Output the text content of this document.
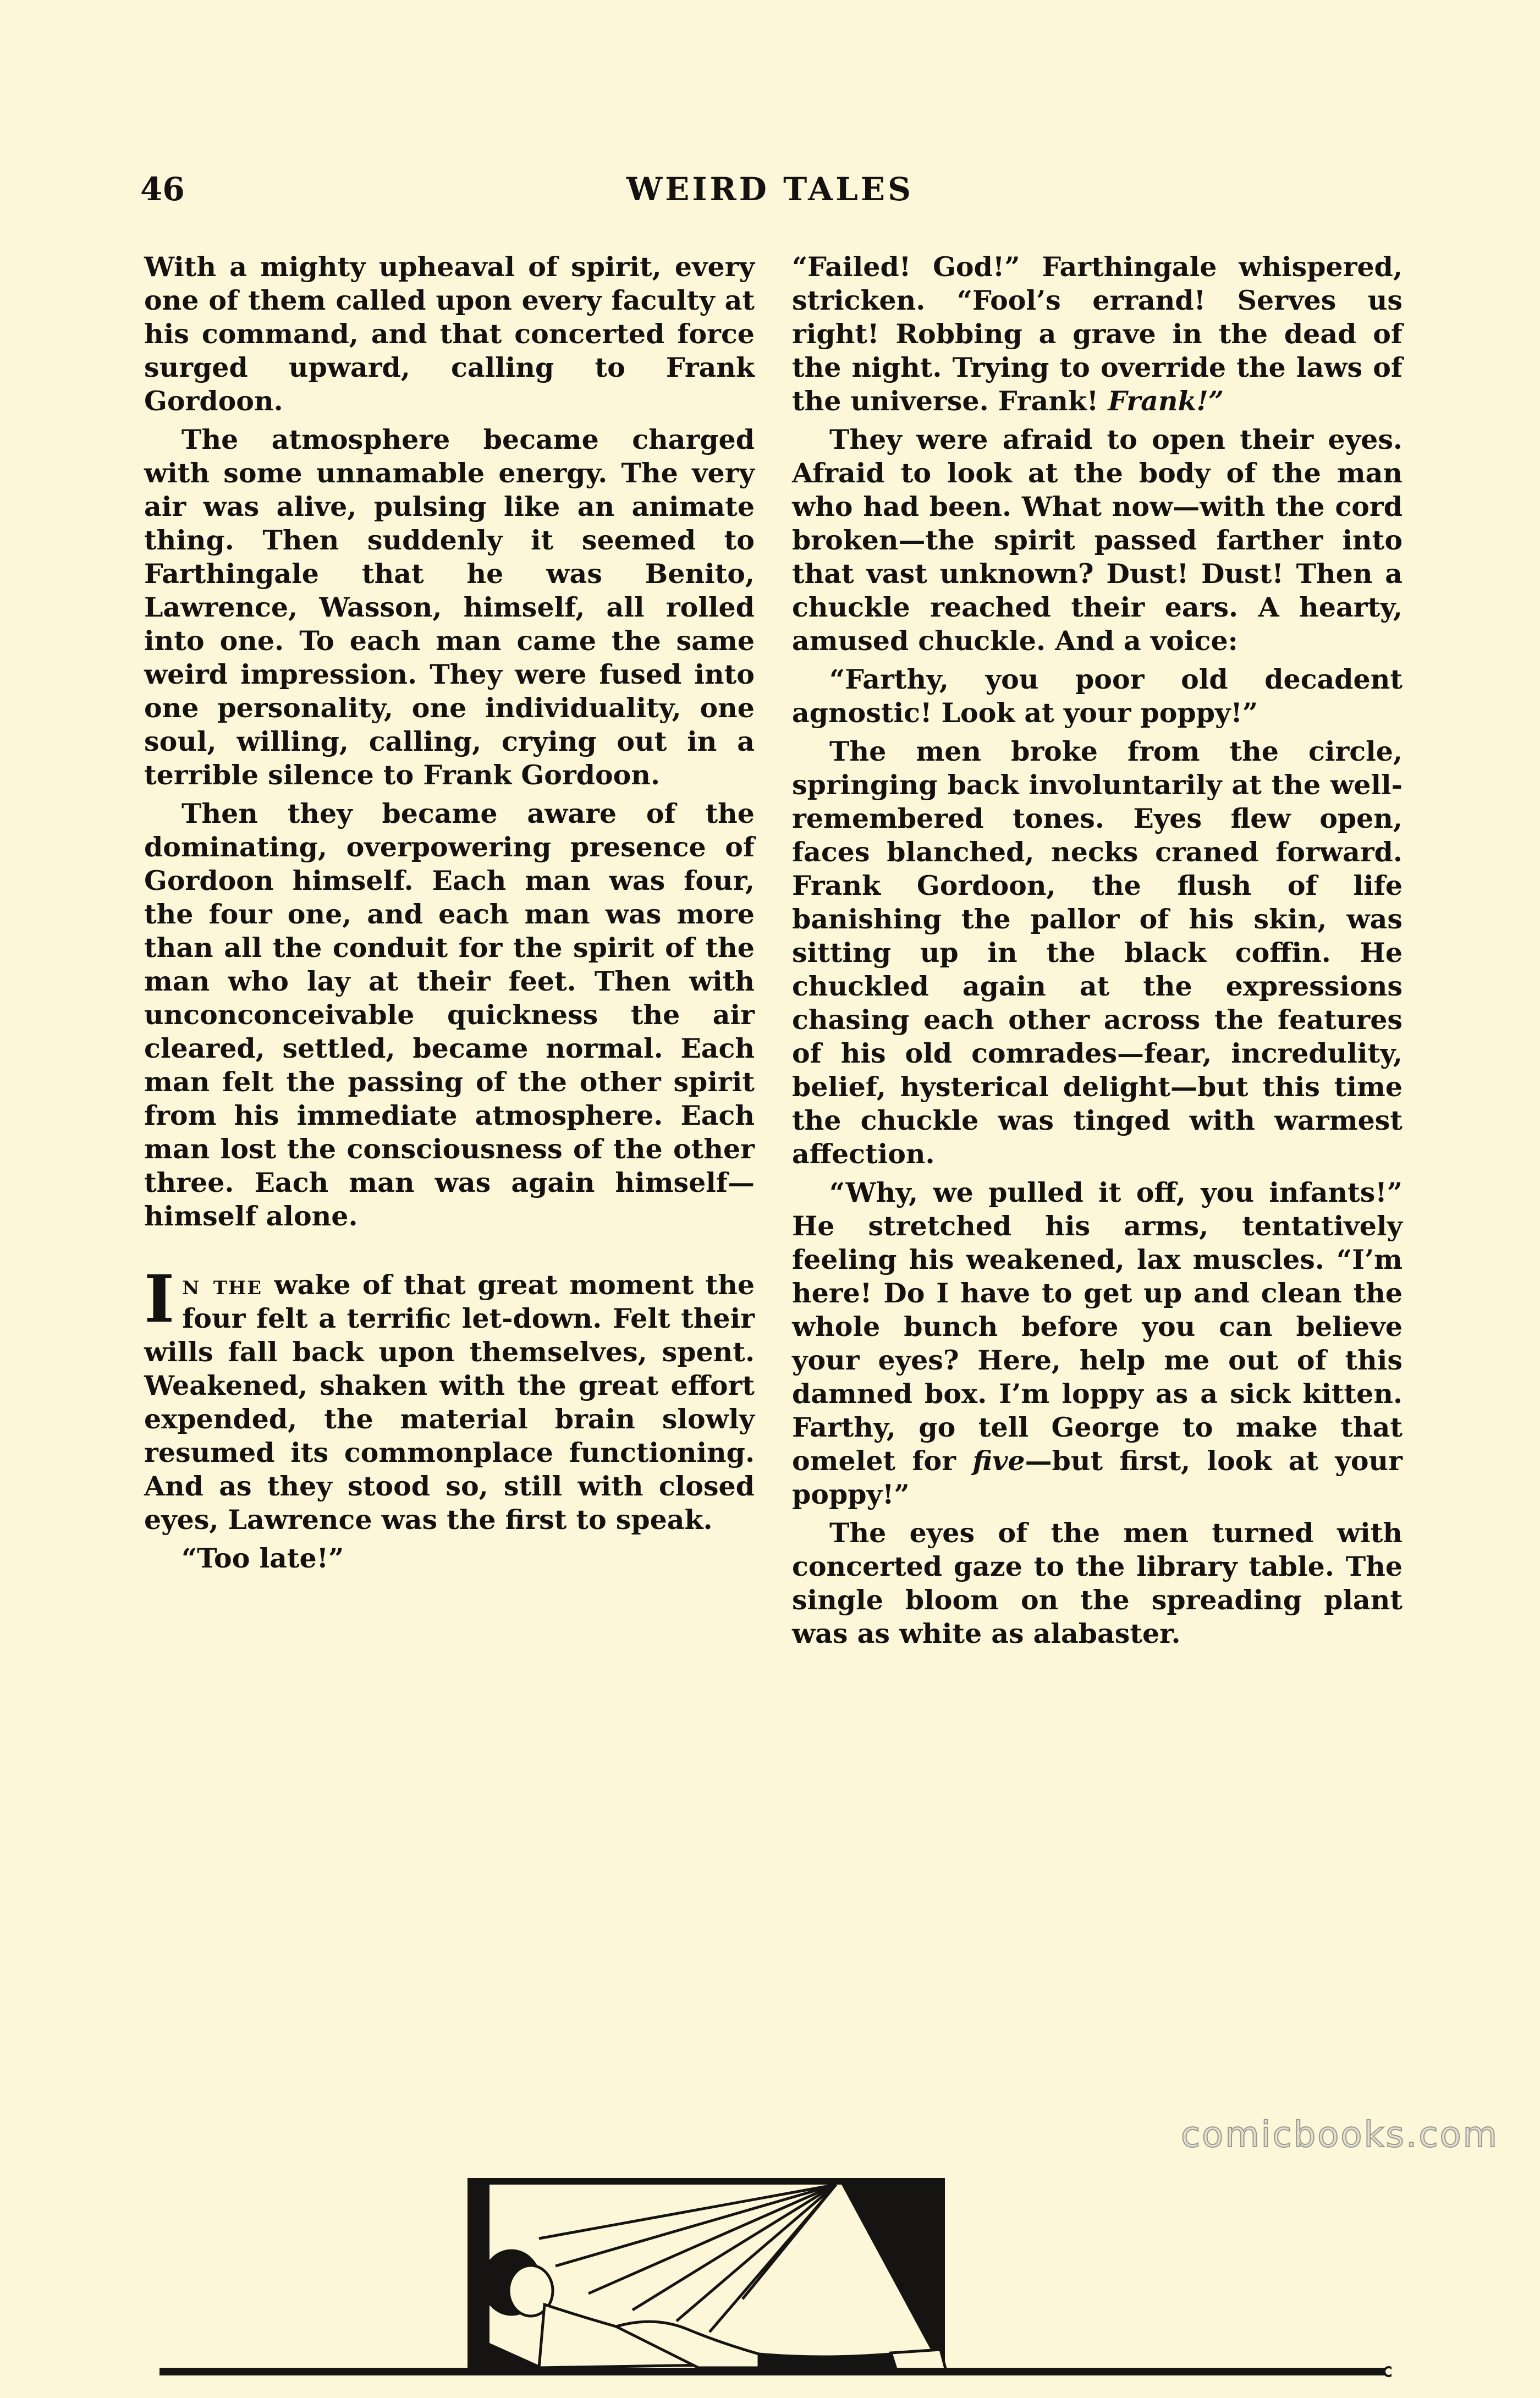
46	WEIRD TALES

With a mighty upheaval of spirit, every one of them called upon every faculty at his command, and that concerted force surged upward, calling to Frank Gordoon.

The atmosphere became charged with some unnamable energy. The very air was alive, pulsing like an animate thing. Then suddenly it seemed to Farthingale that he was Benito, Lawrence, Wasson, himself, all rolled into one. To each man came the same weird impression. They were fused into one personality, one individuality, one soul, willing, calling, crying out in a terrible silence to Frank Gordoon.

Then they became aware of the dominating, overpowering presence of Gordoon himself. Each man was four, the four one, and each man was more than all the conduit for the spirit of the man who lay at their feet. Then with unconconceivable quickness the air cleared, settled, became normal. Each man felt the passing of the other spirit from his immediate atmosphere. Each man lost the consciousness of the other three. Each man was again himself—himself alone.

In the wake of that great moment the four felt a terrific let-down. Felt their wills fall back upon themselves, spent. Weakened, shaken with the great effort expended, the material brain slowly resumed its commonplace functioning. And as they stood so, still with closed eyes, Lawrence was the first to speak.

“Too late!”

“Failed! God!” Farthingale whispered, stricken. “Fool’s errand! Serves us right! Robbing a grave in the dead of the night. Trying to override the laws of the universe. Frank! Frank!”

They were afraid to open their eyes. Afraid to look at the body of the man who had been. What now—with the cord broken—the spirit passed farther into that vast unknown? Dust! Dust! Then a chuckle reached their ears. A hearty, amused chuckle. And a voice:

“Farthy, you poor old decadent agnostic! Look at your poppy!”

The men broke from the circle, springing back involuntarily at the well-remembered tones. Eyes flew open, faces blanched, necks craned forward. Frank Gordoon, the flush of life banishing the pallor of his skin, was sitting up in the black coffin. He chuckled again at the expressions chasing each other across the features of his old comrades—fear, incredulity, belief, hysterical delight—but this time the chuckle was tinged with warmest affection.

“Why, we pulled it off, you infants!” He stretched his arms, tentatively feeling his weakened, lax muscles. “I’m here! Do I have to get up and clean the whole bunch before you can believe your eyes? Here, help me out of this damned box. I’m loppy as a sick kitten. Farthy, go tell George to make that omelet for five—but first, look at your poppy!”

The eyes of the men turned with concerted gaze to the library table. The single bloom on the spreading plant was as white as alabaster.

comicbooks.com
